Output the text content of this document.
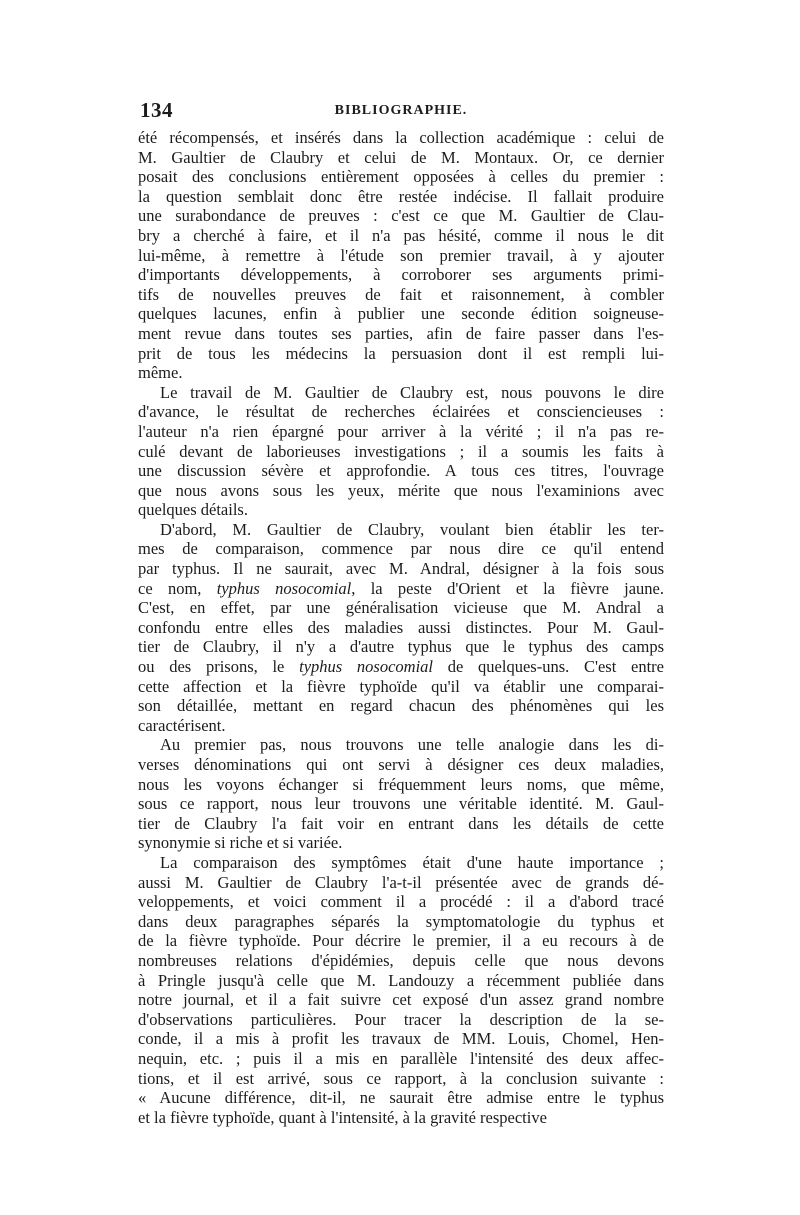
134	BIBLIOGRAPHIE.
été récompensés, et insérés dans la collection académique : celui de
M. Gaultier de Claubry et celui de M. Montaux. Or, ce dernier
posait des conclusions entièrement opposées à celles du premier :
la question semblait donc être restée indécise. Il fallait produire
une surabondance de preuves : c'est ce que M. Gaultier de Clau-
bry a cherché à faire, et il n'a pas hésité, comme il nous le dit
lui-même, à remettre à l'étude son premier travail, à y ajouter
d'importants développements, à corroborer ses arguments primi-
tifs de nouvelles preuves de fait et raisonnement, à combler
quelques lacunes, enfin à publier une seconde édition soigneuse-
ment revue dans toutes ses parties, afin de faire passer dans l'es-
prit de tous les médecins la persuasion dont il est rempli lui-
même.
Le travail de M. Gaultier de Claubry est, nous pouvons le dire
d'avance, le résultat de recherches éclairées et consciencieuses :
l'auteur n'a rien épargné pour arriver à la vérité ; il n'a pas re-
culé devant de laborieuses investigations ; il a soumis les faits à
une discussion sévère et approfondie. A tous ces titres, l'ouvrage
que nous avons sous les yeux, mérite que nous l'examinions avec
quelques détails.
D'abord, M. Gaultier de Claubry, voulant bien établir les ter-
mes de comparaison, commence par nous dire ce qu'il entend
par typhus. Il ne saurait, avec M. Andral, désigner à la fois sous
ce nom, typhus nosocomial, la peste d'Orient et la fièvre jaune.
C'est, en effet, par une généralisation vicieuse que M. Andral a
confondu entre elles des maladies aussi distinctes. Pour M. Gaul-
tier de Claubry, il n'y a d'autre typhus que le typhus des camps
ou des prisons, le typhus nosocomial de quelques-uns. C'est entre
cette affection et la fièvre typhoïde qu'il va établir une comparai-
son détaillée, mettant en regard chacun des phénomènes qui les
caractérisent.
Au premier pas, nous trouvons une telle analogie dans les di-
verses dénominations qui ont servi à désigner ces deux maladies,
nous les voyons échanger si fréquemment leurs noms, que même,
sous ce rapport, nous leur trouvons une véritable identité. M. Gaul-
tier de Claubry l'a fait voir en entrant dans les détails de cette
synonymie si riche et si variée.
La comparaison des symptômes était d'une haute importance ;
aussi M. Gaultier de Claubry l'a-t-il présentée avec de grands dé-
veloppements, et voici comment il a procédé : il a d'abord tracé
dans deux paragraphes séparés la symptomatologie du typhus et
de la fièvre typhoïde. Pour décrire le premier, il a eu recours à de
nombreuses relations d'épidémies, depuis celle que nous devons
à Pringle jusqu'à celle que M. Landouzy a récemment publiée dans
notre journal, et il a fait suivre cet exposé d'un assez grand nombre
d'observations particulières. Pour tracer la description de la se-
conde, il a mis à profit les travaux de MM. Louis, Chomel, Hen-
nequin, etc. ; puis il a mis en parallèle l'intensité des deux affec-
tions, et il est arrivé, sous ce rapport, à la conclusion suivante :
« Aucune différence, dit-il, ne saurait être admise entre le typhus
et la fièvre typhoïde, quant à l'intensité, à la gravité respective
